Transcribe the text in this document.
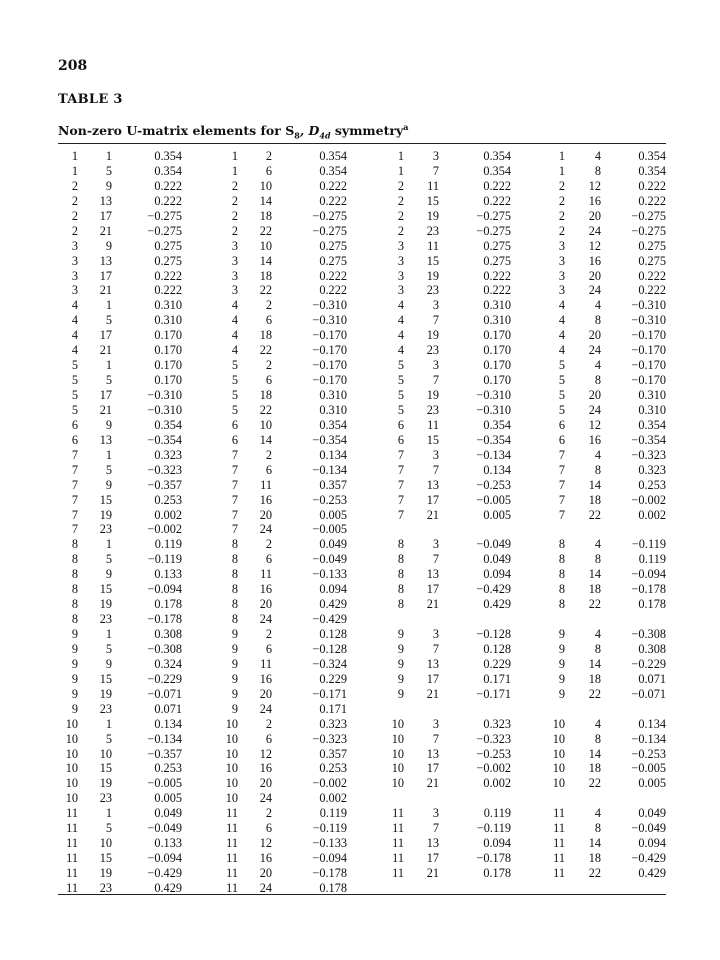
208
TABLE 3
Non-zero U-matrix elements for $S_8$, $D_{4d}$ symmetry$^a$
1 1	0.354	1 2	0.354	1 3	0.354	1 4	0.354
1 5	0.354	1 6	0.354	1 7	0.354	1 8	0.354
2 9	0.222	2 10	0.222	2 11	0.222	2 12	0.222
2 13	0.222	2 14	0.222	2 15	0.222	2 16	0.222
2 17	−0.275	2 18	−0.275	2 19	−0.275	2 20 −0.275
2 21	−0.275	2 22	−0.275	2 23	−0.275	2 24 −0.275
3 9	0.275	3 10	0.275	3 11	0.275	3 12	0.275
3 13	0.275	3 14	0.275	3 15	0.275	3 16	0.275
3 17	0.222	3 18	0.222	3 19	0.222	3 20	0.222
3 21	0.222	3 22	0.222	3 23	0.222	3 24	0.222
4 1	0.310	4 2	−0.310	4 3	0.310	4 4 −0.310
4 5	0.310	4 6	−0.310	4 7	0.310	4 8 −0.310
4 17	0.170	4 18	−0.170	4 19	0.170	4 20 −0.170
4 21	0.170	4 22	−0.170	4 23	0.170	4 24 −0.170
5 1	0.170	5 2	−0.170	5 3	0.170	5 4 −0.170
5 5	0.170	5 6	−0.170	5 7	0.170	5 8 −0.170
5 17	−0.310	5 18	0.310	5 19	−0.310	5 20	0.310
5 21	−0.310	5 22	0.310	5 23	−0.310	5 24	0.310
6 9	0.354	6 10	0.354	6 11	0.354	6 12	0.354
6 13	−0.354	6 14	−0.354	6 15	−0.354	6 16 −0.354
7 1	0.323	7 2	0.134	7 3	−0.134	7 4 −0.323
7 5	−0.323	7 6	−0.134	7 7	0.134	7 8	0.323
7 9	−0.357	7 11	0.357	7 13	−0.253	7 14	0.253
7 15	0.253	7 16	−0.253	7 17	−0.005	7 18 −0.002
7 19	0.002	7 20	0.005	7 21	0.005	7 22	0.002
7 23	−0.002	7 24	−0.005
8 1	0.119	8 2	0.049	8 3	−0.049	8 4	−0.119
8 5	−0.119	8 6	−0.049	8 7	0.049	8 8	0.119
8 9	0.133	8 11	−0.133	8 13	0.094	8 14 −0.094
8 15	−0.094	8 16	0.094	8 17	−0.429	8 18 −0.178
8 19	0.178	8 20	0.429	8 21	0.429	8 22	0.178
8 23	−0.178	8 24	−0.429
9 1	0.308	9 2	0.128	9 3	−0.128	9 4 −0.308
9 5	−0.308	9 6	−0.128	9 7	0.128	9 8	0.308
9 9	0.324	9 11	−0.324	9 13	0.229	9 14 −0.229
9 15	−0.229	9 16	0.229	9 17	0.171	9 18	0.071
9 19	−0.071	9 20	−0.171	9 21	−0.171	9 22 −0.071
9 23	0.071	9 24	0.171
10 1	0.134	10 2	0.323	10 3	0.323	10 4	0.134
10 5	−0.134	10 6	−0.323	10 7	−0.323	10 8 −0.134
10 10	−0.357	10 12	0.357	10 13	−0.253	10 14 −0.253
10 15	0.253	10 16	0.253	10 17	−0.002	10 18 −0.005
10 19	−0.005	10 20	−0.002	10 21	0.002	10 22	0.005
10 23	0.005	10 24	0.002
11 1	0.049	11 2	0.119	11 3	0.119	11 4	0.049
11 5	−0.049	11 6	−0.119	11 7	−0.119	11 8 −0.049
11 10	0.133	11 12	−0.133	11 13	0.094	11 14	0.094
11 15	−0.094	11 16	−0.094	11 17	−0.178	11 18 −0.429
11 19	−0.429	11 20	−0.178	11 21	0.178	11 22	0.429
11 23	0.429	11 24	0.178
